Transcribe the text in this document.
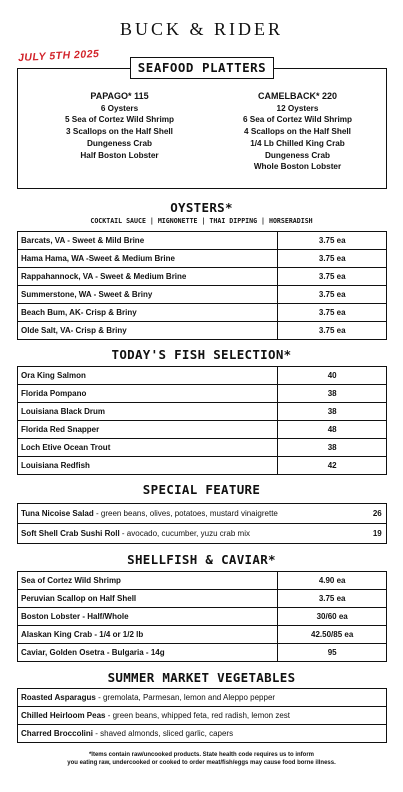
BUCK & RIDER
JULY 5TH 2025
SEAFOOD PLATTERS
PAPAGO* 115
6 Oysters
5 Sea of Cortez Wild Shrimp
3 Scallops on the Half Shell
Dungeness Crab
Half Boston Lobster
CAMELBACK* 220
12 Oysters
6 Sea of Cortez Wild Shrimp
4 Scallops on the Half Shell
1/4 Lb Chilled King Crab
Dungeness Crab
Whole Boston Lobster
OYSTERS*
COCKTAIL SAUCE | MIGNONETTE | THAI DIPPING | HORSERADISH
Barcats, VA - Sweet & Mild Brine	3.75 ea
Hama Hama, WA -Sweet & Medium Brine	3.75 ea
Rappahannock, VA - Sweet & Medium Brine	3.75 ea
Summerstone, WA - Sweet & Briny	3.75 ea
Beach Bum, AK- Crisp & Briny	3.75 ea
Olde Salt, VA- Crisp & Briny	3.75 ea
TODAY'S FISH SELECTION*
Ora King Salmon	40
Florida Pompano	38
Louisiana Black Drum	38
Florida Red Snapper	48
Loch Etive Ocean Trout	38
Louisiana Redfish	42
SPECIAL FEATURE
Tuna Nicoise Salad - green beans, olives, potatoes, mustard vinaigrette	26
Soft Shell Crab Sushi Roll - avocado, cucumber, yuzu crab mix	19
SHELLFISH & CAVIAR*
Sea of Cortez Wild Shrimp	4.90 ea
Peruvian Scallop on Half Shell	3.75 ea
Boston Lobster - Half/Whole	30/60 ea
Alaskan King Crab - 1/4 or 1/2 lb	42.50/85 ea
Caviar, Golden Osetra - Bulgaria - 14g	95
SUMMER MARKET VEGETABLES
Roasted Asparagus - gremolata, Parmesan, lemon and Aleppo pepper
Chilled Heirloom Peas - green beans, whipped feta, red radish, lemon zest
Charred Broccolini - shaved almonds, sliced garlic, capers
*Items contain raw/uncooked products. State health code requires us to inform
you eating raw, undercooked or cooked to order meat/fish/eggs may cause food borne illness.
